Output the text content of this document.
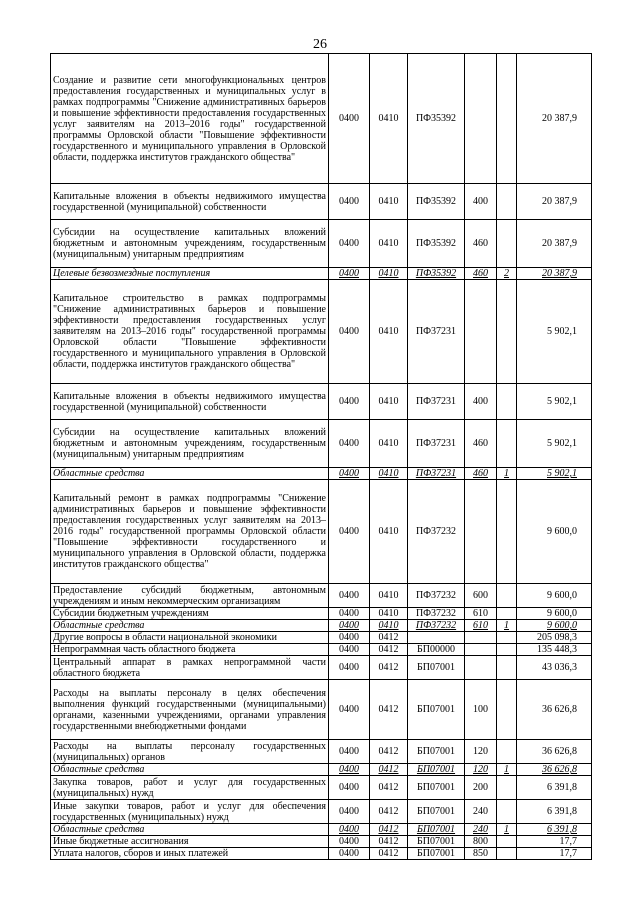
26
Создание и развитие сети многофункциональных центров предоставления государственных и муниципальных услуг в рамках подпрограммы "Снижение административных барьеров и повышение эффективности предоставления государственных услуг заявителям на 2013–2016 годы" государственной программы Орловской области "Повышение эффективности государственного и муниципального управления в Орловской области, поддержка институтов гражданского общества"	0400	0410	ПФ35392			20 387,9
Капитальные вложения в объекты недвижимого имущества государственной (муниципальной) собственности	0400	0410	ПФ35392	400		20 387,9
Субсидии на осуществление капитальных вложений бюджетным и автономным учреждениям, государственным (муниципальным) унитарным предприятиям	0400	0410	ПФ35392	460		20 387,9
Целевые безвозмездные поступления	0400	0410	ПФ35392	460	2	20 387,9
Капитальное строительство в рамках подпрограммы "Снижение административных барьеров и повышение эффективности предоставления государственных услуг заявителям на 2013–2016 годы" государственной программы Орловской области "Повышение эффективности государственного и муниципального управления в Орловской области, поддержка институтов гражданского общества"	0400	0410	ПФ37231			5 902,1
Капитальные вложения в объекты недвижимого имущества государственной (муниципальной) собственности	0400	0410	ПФ37231	400		5 902,1
Субсидии на осуществление капитальных вложений бюджетным и автономным учреждениям, государственным (муниципальным) унитарным предприятиям	0400	0410	ПФ37231	460		5 902,1
Областные средства	0400	0410	ПФ37231	460	1	5 902,1
Капитальный ремонт в рамках подпрограммы "Снижение административных барьеров и повышение эффективности предоставления государственных услуг заявителям на 2013–2016 годы" государственной программы Орловской области "Повышение эффективности государственного и муниципального управления в Орловской области, поддержка институтов гражданского общества"	0400	0410	ПФ37232			9 600,0
Предоставление субсидий бюджетным, автономным учреждениям и иным некоммерческим организациям	0400	0410	ПФ37232	600		9 600,0
Субсидии бюджетным учреждениям	0400	0410	ПФ37232	610		9 600,0
Областные средства	0400	0410	ПФ37232	610	1	9 600,0
Другие вопросы в области национальной экономики	0400	0412				205 098,3
Непрограммная часть областного бюджета	0400	0412	БП00000			135 448,3
Центральный аппарат в рамках непрограммной части областного бюджета	0400	0412	БП07001			43 036,3
Расходы на выплаты персоналу в целях обеспечения выполнения функций государственными (муниципальными) органами, казенными учреждениями, органами управления государственными внебюджетными фондами	0400	0412	БП07001	100		36 626,8
Расходы на выплаты персоналу государственных (муниципальных) органов	0400	0412	БП07001	120		36 626,8
Областные средства	0400	0412	БП07001	120	1	36 626,8
Закупка товаров, работ и услуг для государственных (муниципальных) нужд	0400	0412	БП07001	200		6 391,8
Иные закупки товаров, работ и услуг для обеспечения государственных (муниципальных) нужд	0400	0412	БП07001	240		6 391,8
Областные средства	0400	0412	БП07001	240	1	6 391,8
Иные бюджетные ассигнования	0400	0412	БП07001	800		17,7
Уплата налогов, сборов и иных платежей	0400	0412	БП07001	850		17,7
